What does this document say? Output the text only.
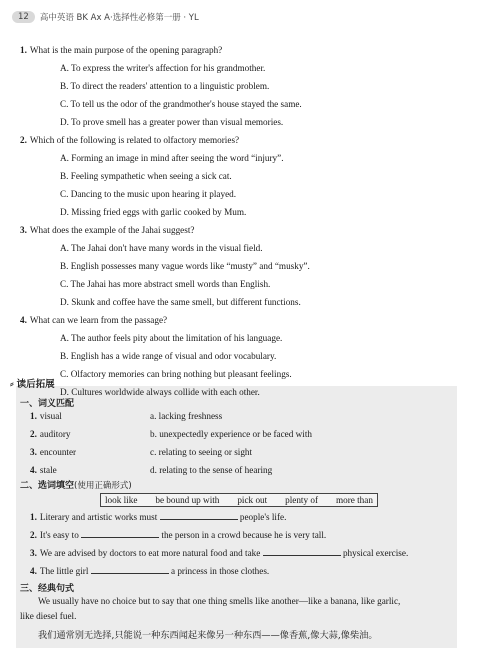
12	高中英语 BK Ax A·选择性必修第一册 · YL
1. What is the main purpose of the opening paragraph?
A. To express the writer's affection for his grandmother.
B. To direct the readers' attention to a linguistic problem.
C. To tell us the odor of the grandmother's house stayed the same.
D. To prove smell has a greater power than visual memories.
2. Which of the following is related to olfactory memories?
A. Forming an image in mind after seeing the word “injury”.
B. Feeling sympathetic when seeing a sick cat.
C. Dancing to the music upon hearing it played.
D. Missing fried eggs with garlic cooked by Mum.
3. What does the example of the Jahai suggest?
A. The Jahai don't have many words in the visual field.
B. English possesses many vague words like “musty” and “musky”.
C. The Jahai has more abstract smell words than English.
D. Skunk and coffee have the same smell, but different functions.
4. What can we learn from the passage?
A. The author feels pity about the limitation of his language.
B. English has a wide range of visual and odor vocabulary.
C. Olfactory memories can bring nothing but pleasant feelings.
⸗ 读后拓展
一、词义匹配
1. visual	a. lacking freshness
2. auditory	b. unexpectedly experience or be faced with
3. encounter	c. relating to seeing or sight
4. stale	d. relating to the sense of hearing
二、选词填空(使用正确形式)
look like be bound up with pick out plenty of more than
1. Literary and artistic works must	people's life.
2. It's easy to	the person in a crowd because he is very tall.
3. We are advised by doctors to eat more natural food and take	physical exercise.
4. The little girl	a princess in those clothes.
三、经典句式
We usually have no choice but to say that one thing smells like another—like a banana, like garlic,
like diesel fuel.
我们通常别无选择,只能说一种东西闻起来像另一种东西——像香蕉,像大蒜,像柴油。
D. Cultures worldwide always collide with each other.
